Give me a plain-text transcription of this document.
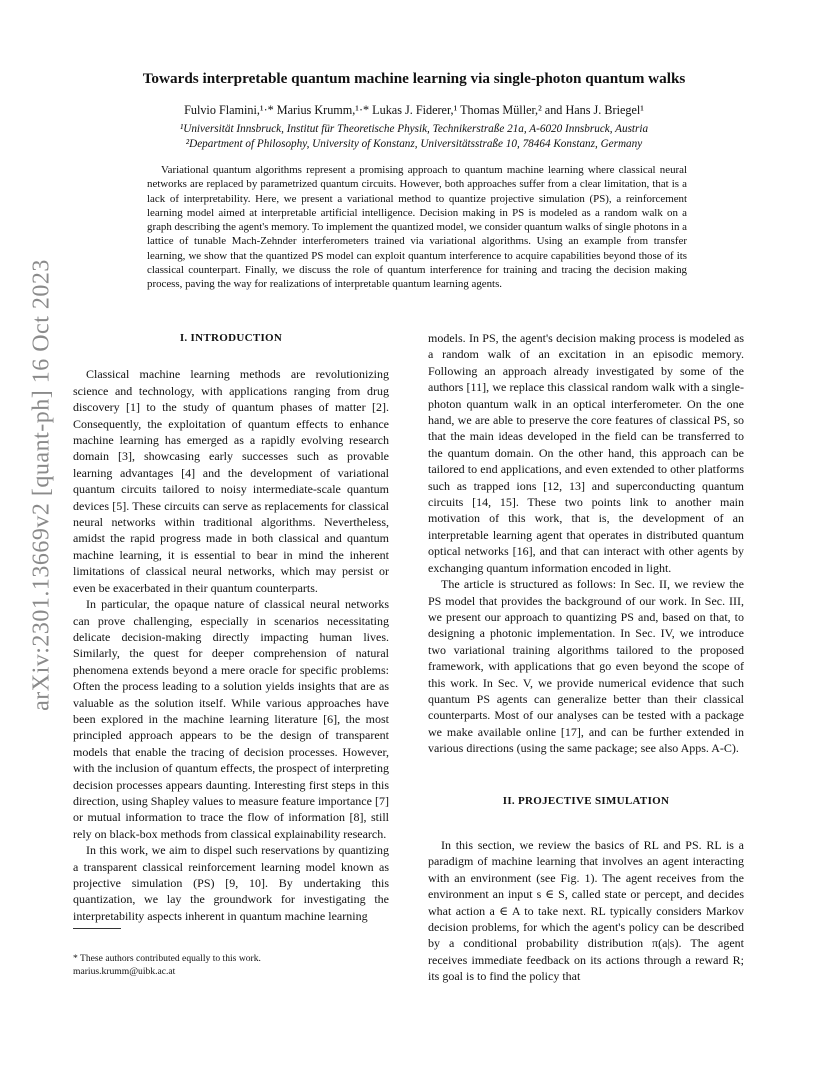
arXiv:2301.13669v2 [quant-ph] 16 Oct 2023
Towards interpretable quantum machine learning via single-photon quantum walks
Fulvio Flamini,¹·* Marius Krumm,¹·* Lukas J. Fiderer,¹ Thomas Müller,² and Hans J. Briegel¹
¹Universität Innsbruck, Institut für Theoretische Physik, Technikerstraße 21a, A-6020 Innsbruck, Austria
²Department of Philosophy, University of Konstanz, Universitätsstraße 10, 78464 Konstanz, Germany

Variational quantum algorithms represent a promising approach to quantum machine learning where classical neural networks are replaced by parametrized quantum circuits. However, both approaches suffer from a clear limitation, that is a lack of interpretability. Here, we present a variational method to quantize projective simulation (PS), a reinforcement learning model aimed at interpretable artificial intelligence. Decision making in PS is modeled as a random walk on a graph describing the agent's memory. To implement the quantized model, we consider quantum walks of single photons in a lattice of tunable Mach-Zehnder interferometers trained via variational algorithms. Using an example from transfer learning, we show that the quantized PS model can exploit quantum interference to acquire capabilities beyond those of its classical counterpart. Finally, we discuss the role of quantum interference for training and tracing the decision making process, paving the way for realizations of interpretable quantum learning agents.

I. INTRODUCTION

Classical machine learning methods are revolutionizing science and technology, with applications ranging from drug discovery [1] to the study of quantum phases of matter [2]. Consequently, the exploitation of quantum effects to enhance machine learning has emerged as a rapidly evolving research domain [3], showcasing early successes such as provable learning advantages [4] and the development of variational quantum circuits tailored to noisy intermediate-scale quantum devices [5]. These circuits can serve as replacements for classical neural networks within traditional algorithms. Nevertheless, amidst the rapid progress made in both classical and quantum machine learning, it is essential to bear in mind the inherent limitations of classical neural networks, which may persist or even be exacerbated in their quantum counterparts.

In particular, the opaque nature of classical neural networks can prove challenging, especially in scenarios necessitating delicate decision-making directly impacting human lives. Similarly, the quest for deeper comprehension of natural phenomena extends beyond a mere oracle for specific problems: Often the process leading to a solution yields insights that are as valuable as the solution itself. While various approaches have been explored in the machine learning literature [6], the most principled approach appears to be the design of transparent models that enable the tracing of decision processes. However, with the inclusion of quantum effects, the prospect of interpreting decision processes appears daunting. Interesting first steps in this direction, using Shapley values to measure feature importance [7] or mutual information to trace the flow of information [8], still rely on black-box methods from classical explainability research.

In this work, we aim to dispel such reservations by quantizing a transparent classical reinforcement learning model known as projective simulation (PS) [9, 10]. By undertaking this quantization, we lay the groundwork for investigating the interpretability aspects inherent in quantum machine learning

models. In PS, the agent's decision making process is modeled as a random walk of an excitation in an episodic memory. Following an approach already investigated by some of the authors [11], we replace this classical random walk with a single-photon quantum walk in an optical interferometer. On the one hand, we are able to preserve the core features of classical PS, so that the main ideas developed in the field can be transferred to the quantum domain. On the other hand, this approach can be tailored to end applications, and even extended to other platforms such as trapped ions [12, 13] and superconducting quantum circuits [14, 15]. These two points link to another main motivation of this work, that is, the development of an interpretable learning agent that operates in distributed quantum optical networks [16], and that can interact with other agents by exchanging quantum information encoded in light.

The article is structured as follows: In Sec. II, we review the PS model that provides the background of our work. In Sec. III, we present our approach to quantizing PS and, based on that, to designing a photonic implementation. In Sec. IV, we introduce two variational training algorithms tailored to the proposed framework, with applications that go even beyond the scope of this work. In Sec. V, we provide numerical evidence that such quantum PS agents can generalize better than their classical counterparts. Most of our analyses can be tested with a package we make available online [17], and can be further extended in various directions (using the same package; see also Apps. A-C).

II. PROJECTIVE SIMULATION

In this section, we review the basics of RL and PS. RL is a paradigm of machine learning that involves an agent interacting with an environment (see Fig. 1). The agent receives from the environment an input s ∈ S, called state or percept, and decides what action a ∈ A to take next. RL typically considers Markov decision problems, for which the agent's policy can be described by a conditional probability distribution π(a|s). The agent receives immediate feedback on its actions through a reward R; its goal is to find the policy that

* These authors contributed equally to this work.
marius.krumm@uibk.ac.at
